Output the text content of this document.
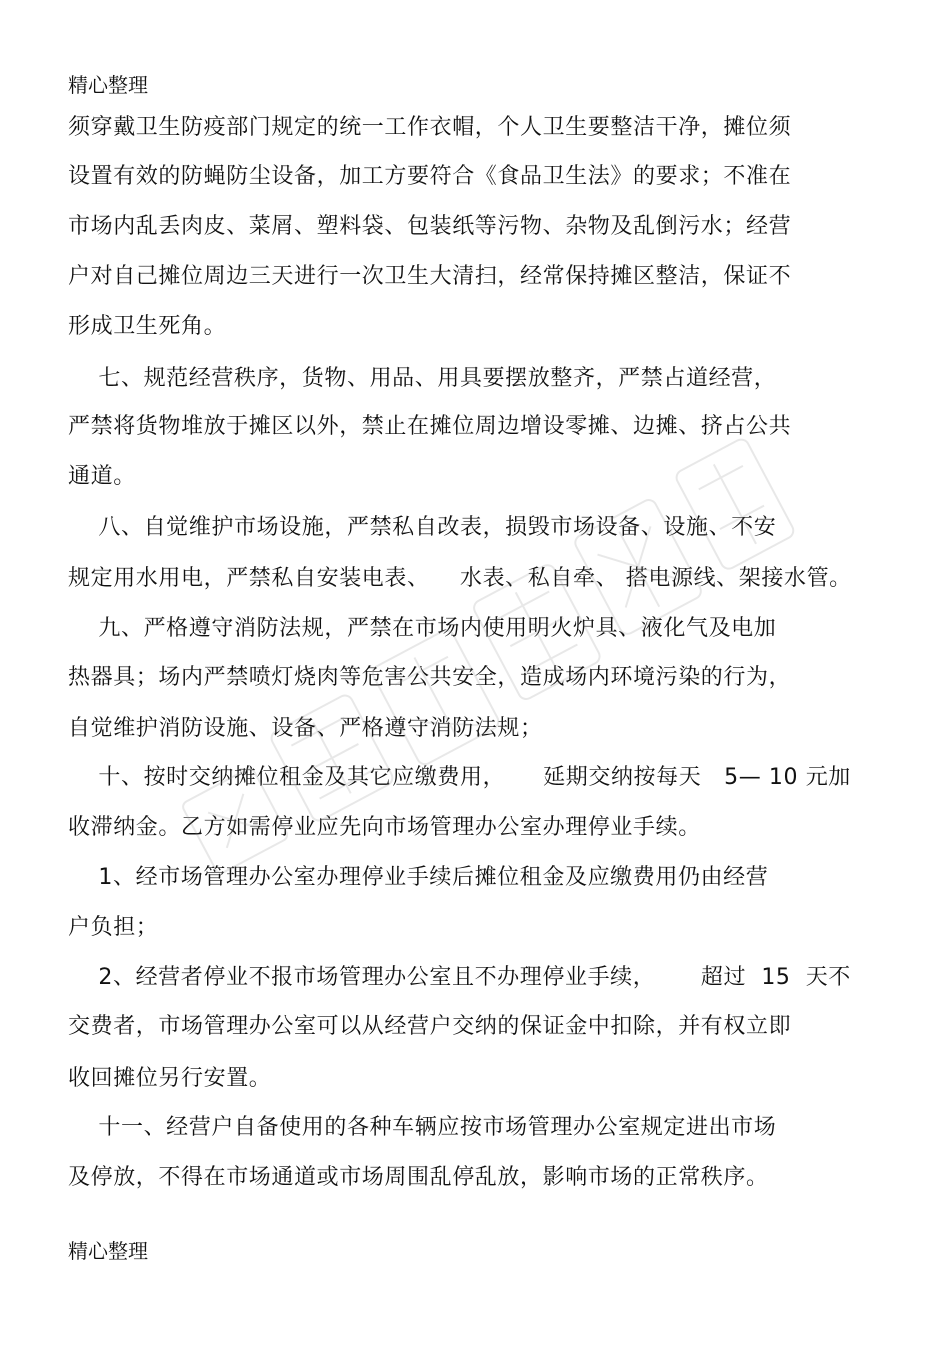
精心整理
须穿戴卫生防疫部门规定的统一工作衣帽，个人卫生要整洁干净，摊位须
设置有效的防蝇防尘设备，加工方要符合《食品卫生法》的要求；不准在
市场内乱丢肉皮、菜屑、塑料袋、包装纸等污物、杂物及乱倒污水；经营
户对自己摊位周边三天进行一次卫生大清扫，经常保持摊区整洁，保证不
形成卫生死角。
七、规范经营秩序，货物、用品、用具要摆放整齐，严禁占道经营，
严禁将货物堆放于摊区以外，禁止在摊位周边增设零摊、边摊、挤占公共
通道。
八、自觉维护市场设施，严禁私自改表，损毁市场设备、设施、不安
规定用水用电，严禁私自安装电表、    水表、私自牵、 搭电源线、架接水管。
九、严格遵守消防法规，严禁在市场内使用明火炉具、液化气及电加
热器具；场内严禁喷灯烧肉等危害公共安全，造成场内环境污染的行为，
自觉维护消防设施、设备、严格遵守消防法规；
十、按时交纳摊位租金及其它应缴费用，     延期交纳按每天   5— 10 元加
收滞纳金。乙方如需停业应先向市场管理办公室办理停业手续。
1、经市场管理办公室办理停业手续后摊位租金及应缴费用仍由经营
户负担；
2、经营者停业不报市场管理办公室且不办理停业手续，      超过  15  天不
交费者，市场管理办公室可以从经营户交纳的保证金中扣除，并有权立即
收回摊位另行安置。
十一、经营户自备使用的各种车辆应按市场管理办公室规定进出市场
及停放，不得在市场通道或市场周围乱停乱放，影响市场的正常秩序。
精心整理
